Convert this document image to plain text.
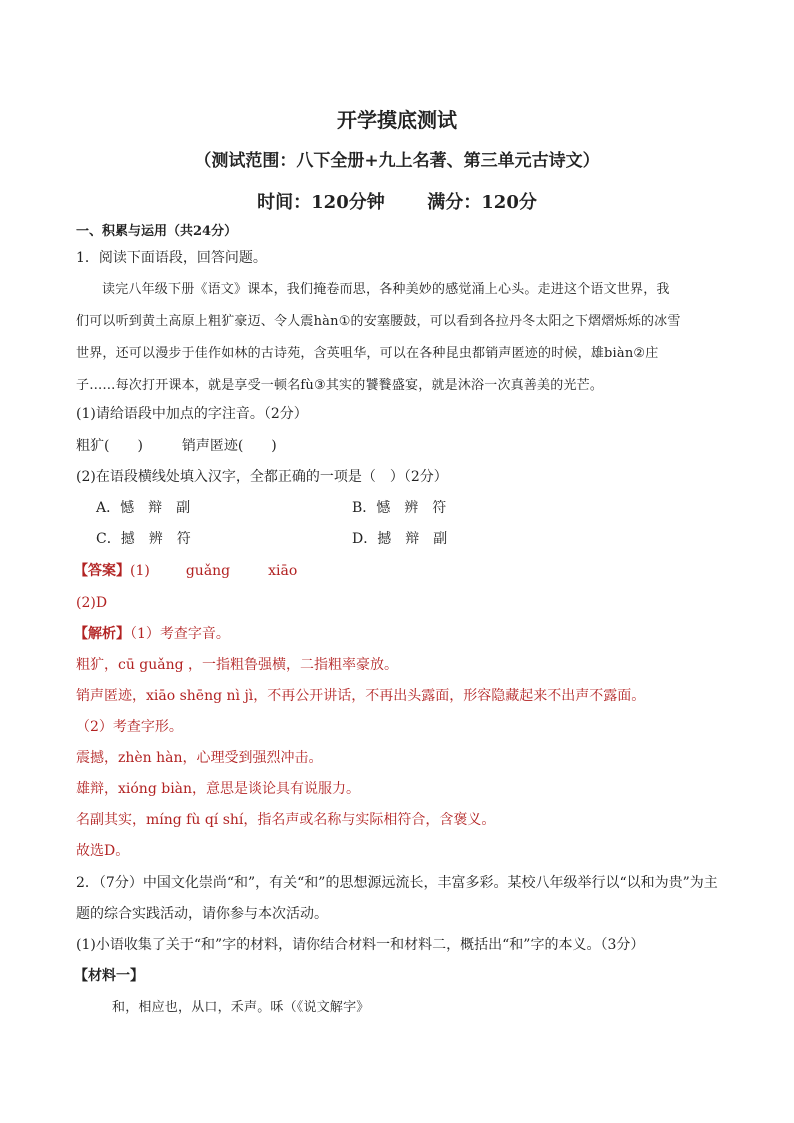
开学摸底测试
（测试范围：八下全册+九上名著、第三单元古诗文）
时间：120分钟 满分：120分
一、积累与运用（共24分）
1．阅读下面语段，回答问题。
读完八年级下册《语文》课本，我们掩卷而思，各种美妙的感觉涌上心头。走进这个语文世界，我
们可以听到黄土高原上粗犷豪迈、令人震hàn①的安塞腰鼓，可以看到各拉丹冬太阳之下熠熠烁烁的冰雪
世界，还可以漫步于佳作如林的古诗苑，含英咀华，可以在各种昆虫都销声匿迹的时候，雄biàn②庄
子……每次打开课本，就是享受一顿名fù③其实的饕餮盛宴，就是沐浴一次真善美的光芒。
(1)请给语段中加点的字注音。（2分）
粗犷(　　)	销声匿迹(　　)
(2)在语段横线处填入汉字，全都正确的一项是（　）（2分）
A．憾　辩　副	B．憾　辨　符
C．撼　辨　符	D．撼　辩　副
【答案】(1)	guǎng	xiāo
(2)D
【解析】（1）考查字音。
粗犷，cū guǎng ，一指粗鲁强横，二指粗率豪放。
销声匿迹，xiāo shēng nì jì，不再公开讲话，不再出头露面，形容隐藏起来不出声不露面。
（2）考查字形。
震撼，zhèn hàn，心理受到强烈冲击。
雄辩，xióng biàn，意思是谈论具有说服力。
名副其实，míng fù qí shí，指名声或名称与实际相符合，含褒义。
故选D。
2．（7分）中国文化崇尚“和”，有关“和”的思想源远流长，丰富多彩。某校八年级举行以“以和为贵”为主
题的综合实践活动，请你参与本次活动。
(1)小语收集了关于“和”字的材料，请你结合材料一和材料二，概括出“和”字的本义。（3分）
【材料一】
和，相应也，从口，禾声。咊（《说文解字》
